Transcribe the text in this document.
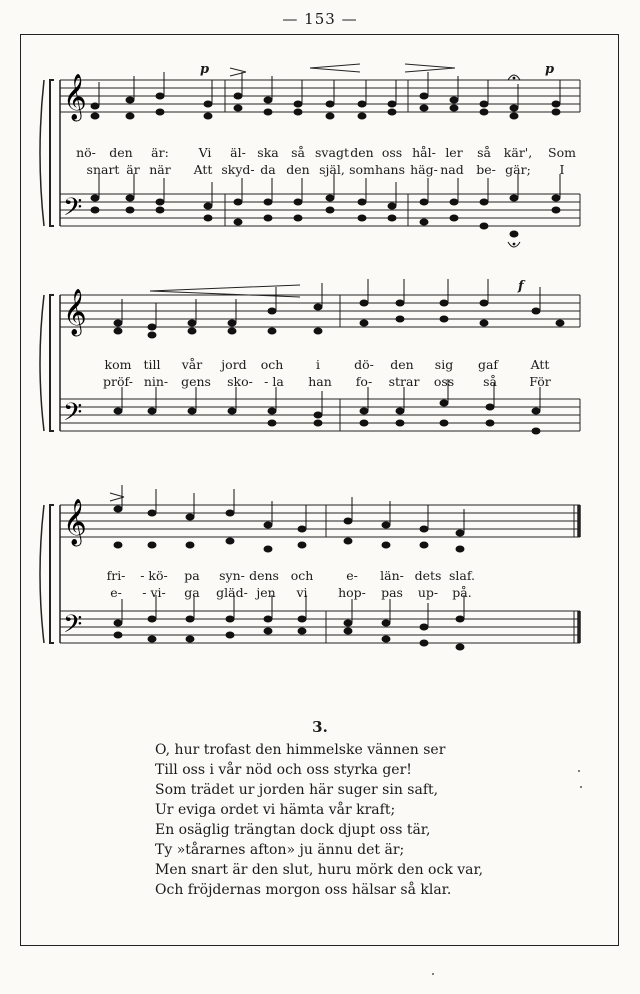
— 153 —
𝄞
𝄢
p	p
nö- den är: Vi äl- ska så svagt den oss hål- ler så kär', Som
snart är när Att skyd- da den själ, som hans häg- nad be- gär; I
𝄞
𝄢
f
kom till vår jord och	i	dö- den sig gaf	Att
pröf- nin- gens sko- - la han fo- strar oss så	För
𝄞
𝄢
fri- - kö- pa syn- dens och	e- län- dets slaf.
e- - vi- ga gläd- jen vi hop- pas up- på.
3.
O, hur trofast den himmelske vännen ser
Till oss i vår nöd och oss styrka ger!
Som trädet ur jorden här suger sin saft,
Ur eviga ordet vi hämta vår kraft;
En osäglig trängtan dock djupt oss tär,
Ty »tårarnes afton» ju ännu det är;
Men snart är den slut, huru mörk den ock var,
Och fröjdernas morgon oss hälsar så klar.
